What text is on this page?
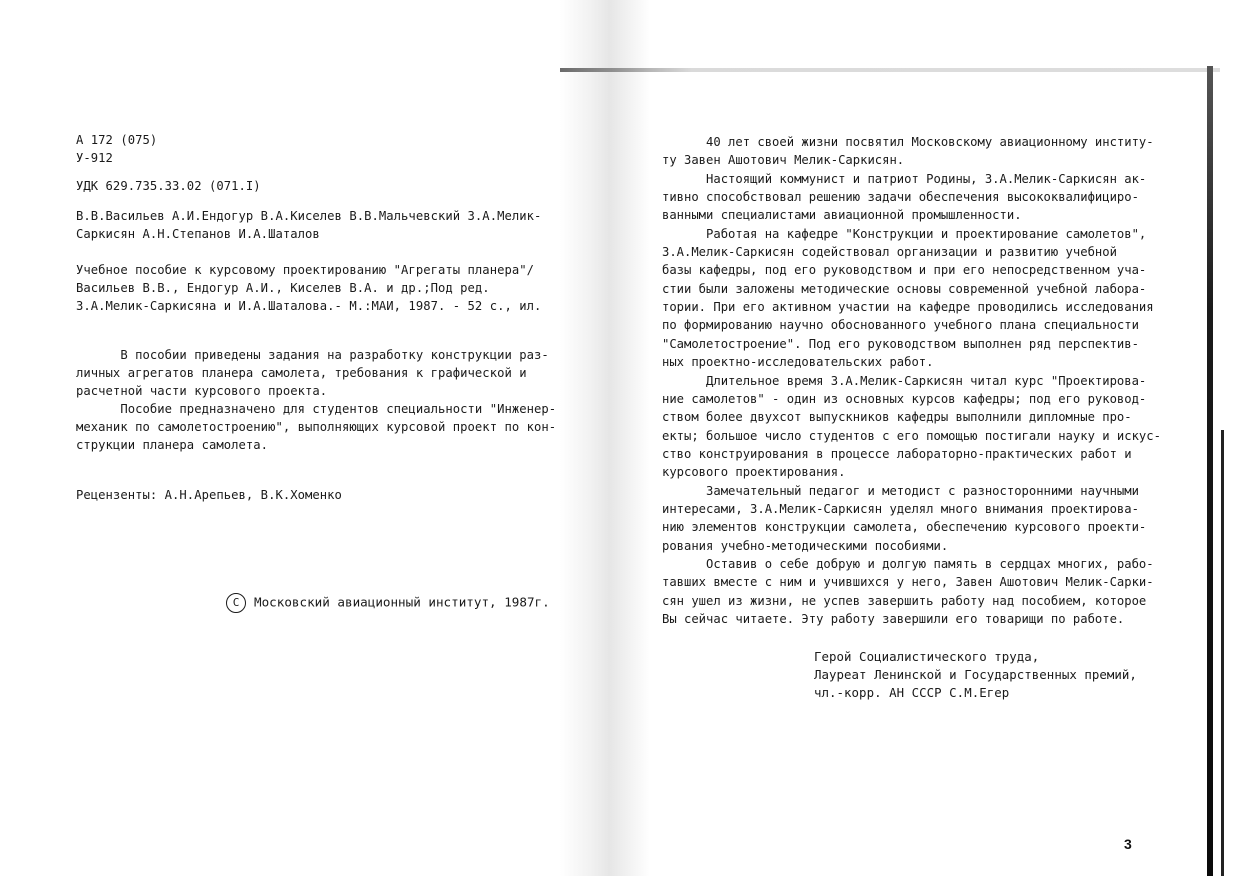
А 172 (075)
У-912
УДК 629.735.33.02 (071.I)
В.В.Васильев А.И.Ендогур В.А.Киселев В.В.Мальчевский З.А.Мелик-
Саркисян А.Н.Степанов И.А.Шаталов
Учебное пособие к курсовому проектированию "Агрегаты планера"/
Васильев В.В., Ендогур А.И., Киселев В.А. и др.;Под ред.
З.А.Мелик-Саркисяна и И.А.Шаталова.- М.:МАИ, 1987. - 52 с., ил.
В пособии приведены задания на разработку конструкции раз-
личных агрегатов планера самолета, требования к графической и
расчетной части курсового проекта.
Пособие предназначено для студентов специальности "Инженер-
механик по самолетостроению", выполняющих курсовой проект по кон-
струкции планера самолета.
Рецензенты: А.Н.Арепьев, В.К.Хоменко
C Московский авиационный институт, 1987г.
40 лет своей жизни посвятил Московскому авиационному институ-
ту Завен Ашотович Мелик-Саркисян.
Настоящий коммунист и патриот Родины, З.А.Мелик-Саркисян ак-
тивно способствовал решению задачи обеспечения высококвалифициро-
ванными специалистами авиационной промышленности.
Работая на кафедре "Конструкции и проектирование самолетов",
З.А.Мелик-Саркисян содействовал организации и развитию учебной
базы кафедры, под его руководством и при его непосредственном уча-
стии были заложены методические основы современной учебной лабора-
тории. При его активном участии на кафедре проводились исследования
по формированию научно обоснованного учебного плана специальности
"Самолетостроение". Под его руководством выполнен ряд перспектив-
ных проектно-исследовательских работ.
Длительное время З.А.Мелик-Саркисян читал курс "Проектирова-
ние самолетов" - один из основных курсов кафедры; под его руковод-
ством более двухсот выпускников кафедры выполнили дипломные про-
екты; большое число студентов с его помощью постигали науку и искус-
ство конструирования в процессе лабораторно-практических работ и
курсового проектирования.
Замечательный педагог и методист с разносторонними научными
интересами, З.А.Мелик-Саркисян уделял много внимания проектирова-
нию элементов конструкции самолета, обеспечению курсового проекти-
рования учебно-методическими пособиями.
Оставив о себе добрую и долгую память в сердцах многих, рабо-
тавших вместе с ним и учившихся у него, Завен Ашотович Мелик-Сарки-
сян ушел из жизни, не успев завершить работу над пособием, которое
Вы сейчас читаете. Эту работу завершили его товарищи по работе.
Герой Социалистического труда,
Лауреат Ленинской и Государственных премий,
чл.-корр. АН СССР С.М.Егер
3
